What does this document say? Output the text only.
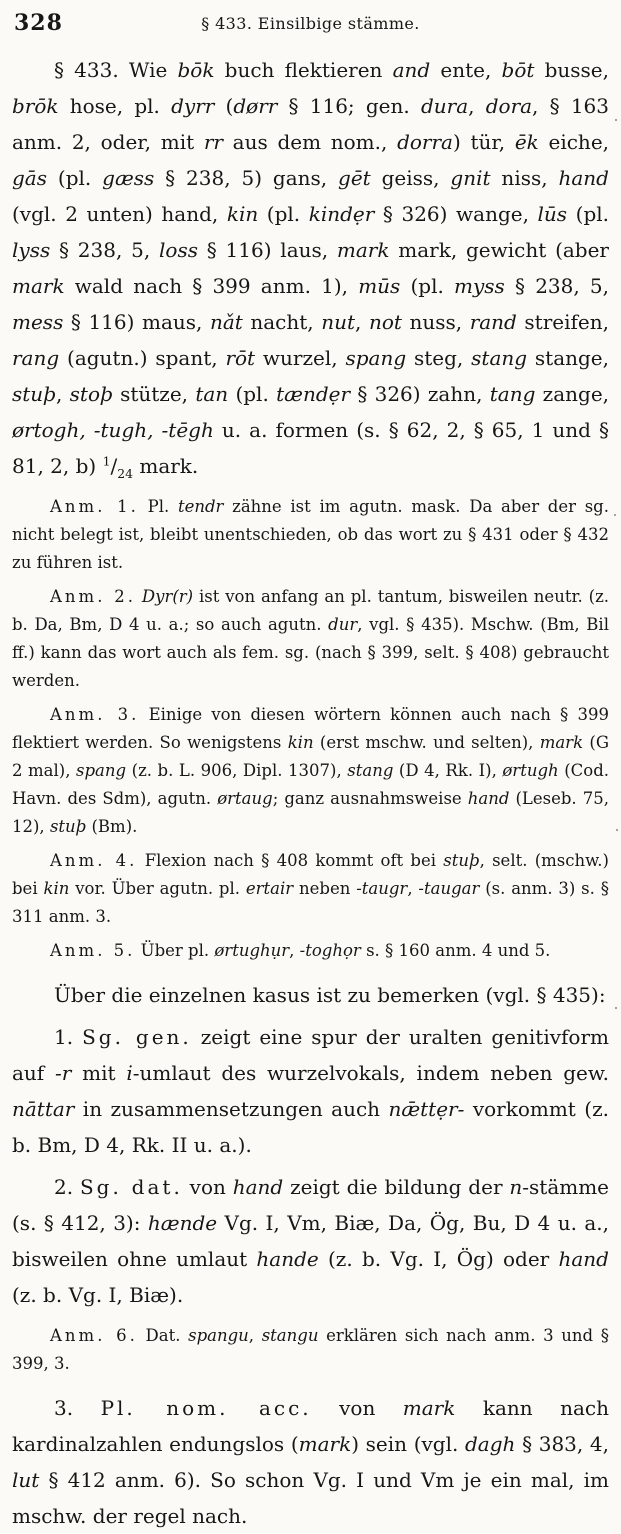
328	§ 433. Einsilbige stämme.

§ 433. Wie bōk buch flektieren and ente, bōt busse, brōk hose, pl. dyrr (dørr § 116; gen. dura, dora, § 163 anm. 2, oder, mit rr aus dem nom., dorra) tür, ēk eiche, gās (pl. gæss § 238, 5) gans, gēt geiss, gnit niss, hand (vgl. 2 unten) hand, kin (pl. kindẹr § 326) wange, lūs (pl. lyss § 238, 5, loss § 116) laus, mark mark, gewicht (aber mark wald nach § 399 anm. 1), mūs (pl. myss § 238, 5, mess § 116) maus, nǎt nacht, nut, not nuss, rand streifen, rang (agutn.) spant, rōt wurzel, spang steg, stang stange, stuþ, stoþ stütze, tan (pl. tændẹr § 326) zahn, tang zange, ørtogh, -tugh, -tēgh u. a. formen (s. § 62, 2, § 65, 1 und § 81, 2, b) $^1/_{24}$ mark.

Anm. 1. Pl. tendr zähne ist im agutn. mask. Da aber der sg. nicht belegt ist, bleibt unentschieden, ob das wort zu § 431 oder § 432 zu führen ist.

Anm. 2. Dyr(r) ist von anfang an pl. tantum, bisweilen neutr. (z. b. Da, Bm, D 4 u. a.; so auch agutn. dur, vgl. § 435). Mschw. (Bm, Bil ff.) kann das wort auch als fem. sg. (nach § 399, selt. § 408) gebraucht werden.

Anm. 3. Einige von diesen wörtern können auch nach § 399 flektiert werden. So wenigstens kin (erst mschw. und selten), mark (G 2 mal), spang (z. b. L. 906, Dipl. 1307), stang (D 4, Rk. I), ørtugh (Cod. Havn. des Sdm), agutn. ørtaug; ganz ausnahmsweise hand (Leseb. 75, 12), stuþ (Bm).

Anm. 4. Flexion nach § 408 kommt oft bei stuþ, selt. (mschw.) bei kin vor. Über agutn. pl. ertair neben -taugr, -taugar (s. anm. 3) s. § 311 anm. 3.

Anm. 5. Über pl. ørtughụr, -toghọr s. § 160 anm. 4 und 5.

Über die einzelnen kasus ist zu bemerken (vgl. § 435):

1. Sg. gen. zeigt eine spur der uralten genitivform auf -r mit i-umlaut des wurzelvokals, indem neben gew. nāttar in zusammensetzungen auch nǣttẹr- vorkommt (z. b. Bm, D 4, Rk. II u. a.).

2. Sg. dat. von hand zeigt die bildung der n-stämme (s. § 412, 3): hænde Vg. I, Vm, Biæ, Da, Ög, Bu, D 4 u. a., bisweilen ohne umlaut hande (z. b. Vg. I, Ög) oder hand (z. b. Vg. I, Biæ).

Anm. 6. Dat. spangu, stangu erklären sich nach anm. 3 und § 399, 3.

3. Pl. nom. acc. von mark kann nach kardinalzahlen endungslos (mark) sein (vgl. dagh § 383, 4, lut § 412 anm. 6). So schon Vg. I und Vm je ein mal, im mschw. der regel nach.
